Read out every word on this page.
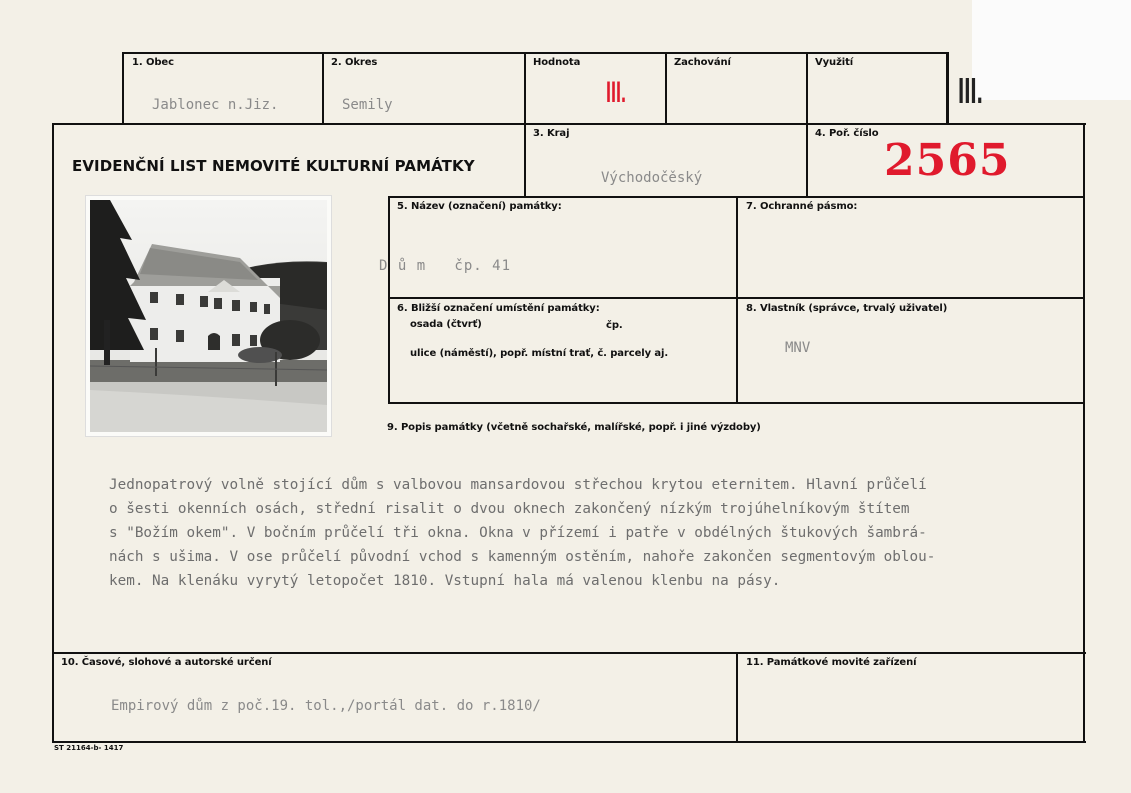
1. Obec
Jablonec n.Jiz.
2. Okres
Semily
Hodnota
III.
Zachování	Využití
III.
EVIDENČNÍ LIST NEMOVITÉ KULTURNÍ PAMÁTKY
3. Kraj
Východočěský
4. Poř. číslo
2565
5. Název (označení) památky:
D ů m   čp. 41
7. Ochranné pásmo:
6. Bližší označení umístění památky:
osada (čtvrť)	čp.
ulice (náměstí), popř. místní trať, č. parcely aj.
8. Vlastník (správce, trvalý uživatel)
MNV
9. Popis památky (včetně sochařské, malířské, popř. i jiné výzdoby)
Jednopatrový volně stojící dům s valbovou mansardovou střechou krytou eternitem. Hlavní průčelí
o šesti okenních osách, střední risalit o dvou oknech zakončený nízkým trojúhelníkovým štítem
s "Božím okem". V bočním průčelí tři okna. Okna v přízemí i patře v obdélných štukových šambrá-
nách s ušima. V ose průčelí původní vchod s kamenným ostěním, nahoře zakončen segmentovým oblou-
kem. Na klenáku vyrytý letopočet 1810. Vstupní hala má valenou klenbu na pásy.
10. Časové, slohové a autorské určení
Empirový dům z poč.19. tol.,/portál dat. do r.1810/
11. Památkové movité zařízení
ST 21164-b- 1417
